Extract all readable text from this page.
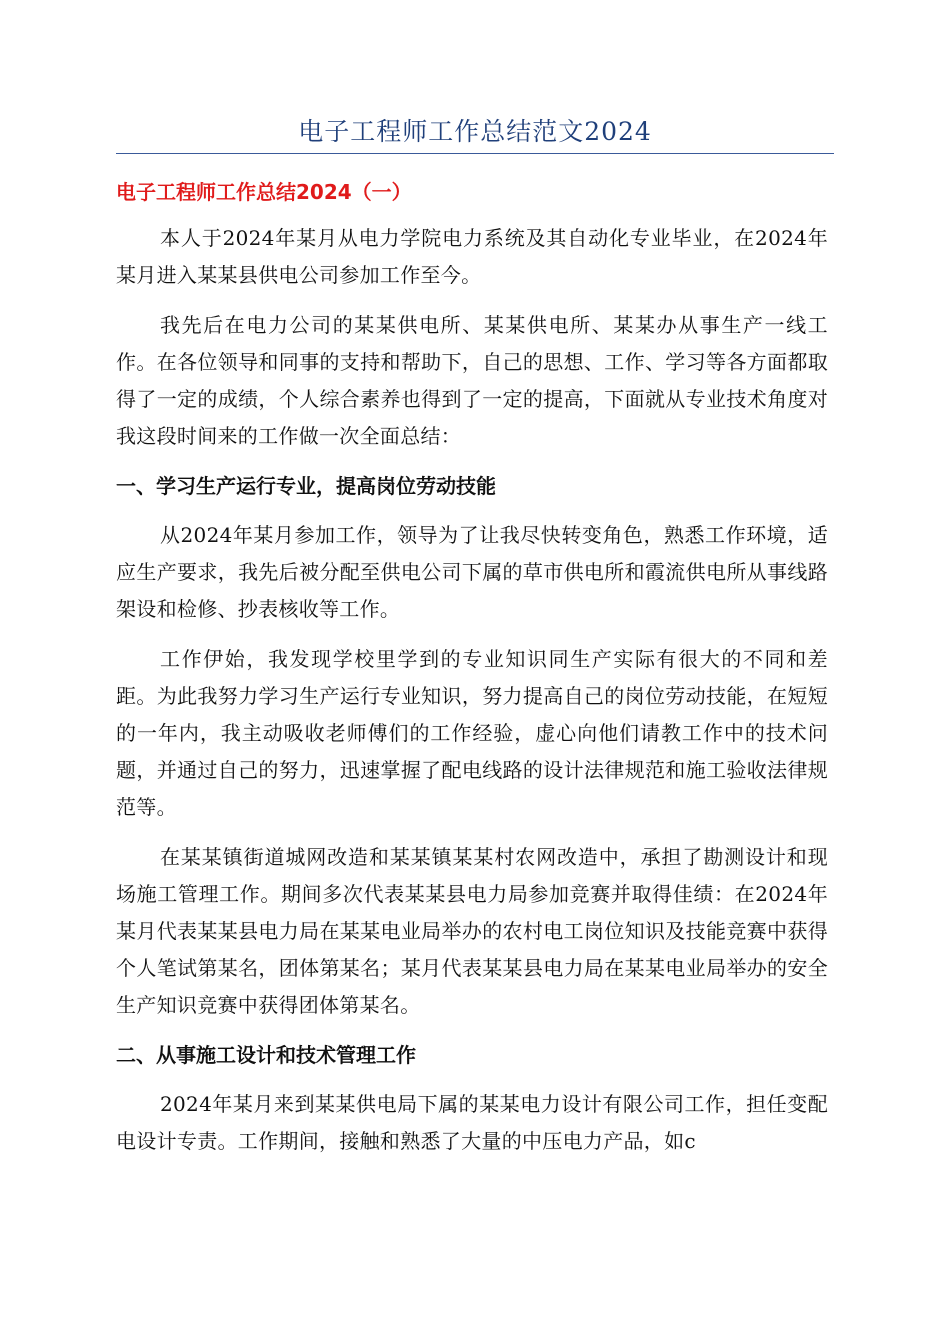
电子工程师工作总结范文2024
电子工程师工作总结2024（一）

本人于2024年某月从电力学院电力系统及其自动化专业毕业，在2024年某月进入某某县供电公司参加工作至今。

我先后在电力公司的某某供电所、某某供电所、某某办从事生产一线工作。在各位领导和同事的支持和帮助下，自己的思想、工作、学习等各方面都取得了一定的成绩，个人综合素养也得到了一定的提高，下面就从专业技术角度对我这段时间来的工作做一次全面总结：

一、学习生产运行专业，提高岗位劳动技能

从2024年某月参加工作，领导为了让我尽快转变角色，熟悉工作环境，适应生产要求，我先后被分配至供电公司下属的草市供电所和霞流供电所从事线路架设和检修、抄表核收等工作。

工作伊始，我发现学校里学到的专业知识同生产实际有很大的不同和差距。为此我努力学习生产运行专业知识，努力提高自己的岗位劳动技能，在短短的一年内，我主动吸收老师傅们的工作经验，虚心向他们请教工作中的技术问题，并通过自己的努力，迅速掌握了配电线路的设计法律规范和施工验收法律规范等。

在某某镇街道城网改造和某某镇某某村农网改造中，承担了勘测设计和现场施工管理工作。期间多次代表某某县电力局参加竞赛并取得佳绩：在2024年某月代表某某县电力局在某某电业局举办的农村电工岗位知识及技能竞赛中获得个人笔试第某名，团体第某名；某月代表某某县电力局在某某电业局举办的安全生产知识竞赛中获得团体第某名。

二、从事施工设计和技术管理工作

2024年某月来到某某供电局下属的某某电力设计有限公司工作，担任变配电设计专责。工作期间，接触和熟悉了大量的中压电力产品，如c
